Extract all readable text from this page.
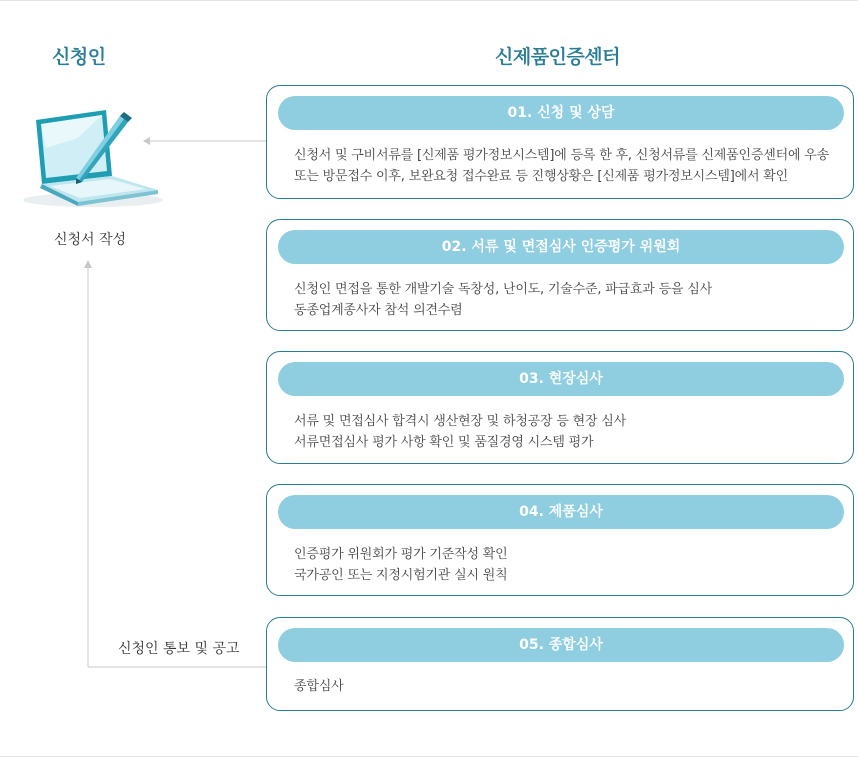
신청인	신제품인증센터
신청서 작성
신청인 통보 및 공고
01. 신청 및 상담
신청서 및 구비서류를 [신제품 평가정보시스템]에 등록 한 후, 신청서류를 신제품인증센터에 우송
또는 방문접수 이후, 보완요청 접수완료 등 진행상황은 [신제품 평가정보시스템]에서 확인
02. 서류 및 면접심사 인증평가 위원회
신청인 면접을 통한 개발기술 독창성, 난이도, 기술수준, 파급효과 등을 심사
동종업계종사자 참석 의견수렴
03. 현장심사
서류 및 면접심사 합격시 생산현장 및 하청공장 등 현장 심사
서류면접심사 평가 사항 확인 및 품질경영 시스템 평가
04. 제품심사
인증평가 위원회가 평가 기준작성 확인
국가공인 또는 지정시험기관 실시 원칙
05. 종합심사
종합심사
